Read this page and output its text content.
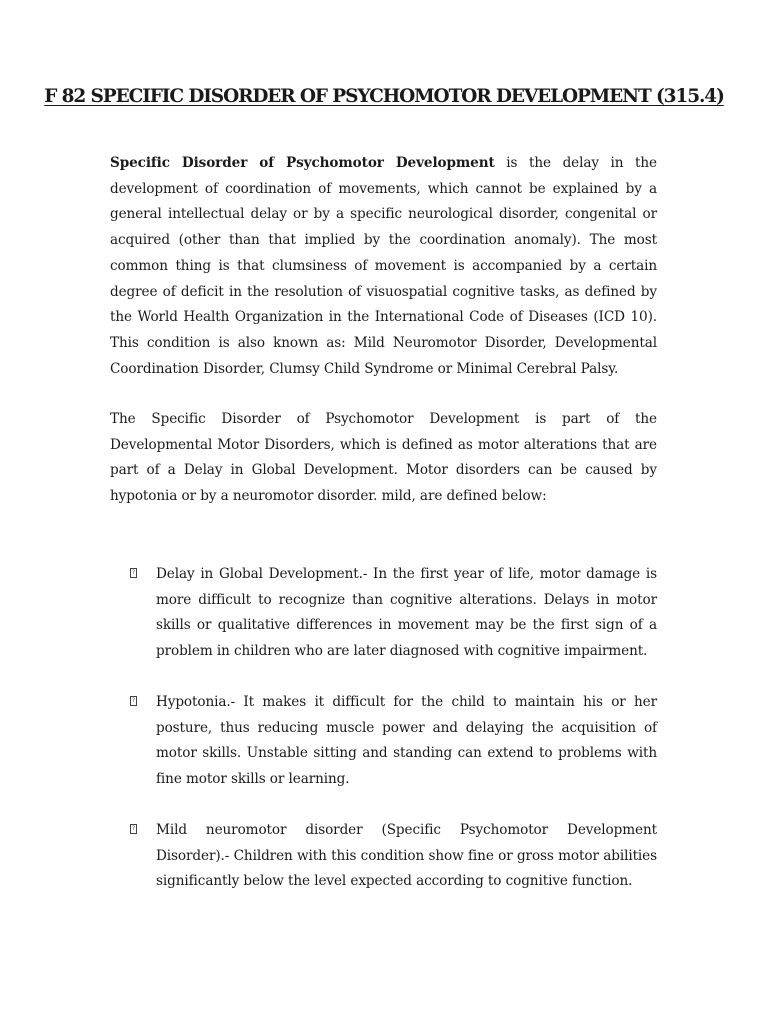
F 82 SPECIFIC DISORDER OF PSYCHOMOTOR DEVELOPMENT (315.4)

Specific Disorder of Psychomotor Development is the delay in the development of coordination of movements, which cannot be explained by a general intellectual delay or by a specific neurological disorder, congenital or acquired (other than that implied by the coordination anomaly). The most common thing is that clumsiness of movement is accompanied by a certain degree of deficit in the resolution of visuospatial cognitive tasks, as defined by the World Health Organization in the International Code of Diseases (ICD 10). This condition is also known as: Mild Neuromotor Disorder, Developmental Coordination Disorder, Clumsy Child Syndrome or Minimal Cerebral Palsy.

The Specific Disorder of Psychomotor Development is part of the Developmental Motor Disorders, which is defined as motor alterations that are part of a Delay in Global Development. Motor disorders can be caused by hypotonia or by a neuromotor disorder. mild, are defined below:

? Delay in Global Development.- In the first year of life, motor damage is more difficult to recognize than cognitive alterations. Delays in motor skills or qualitative differences in movement may be the first sign of a problem in children who are later diagnosed with cognitive impairment.

? Hypotonia.- It makes it difficult for the child to maintain his or her posture, thus reducing muscle power and delaying the acquisition of motor skills. Unstable sitting and standing can extend to problems with fine motor skills or learning.

? Mild neuromotor disorder (Specific Psychomotor Development Disorder).- Children with this condition show fine or gross motor abilities significantly below the level expected according to cognitive function.
